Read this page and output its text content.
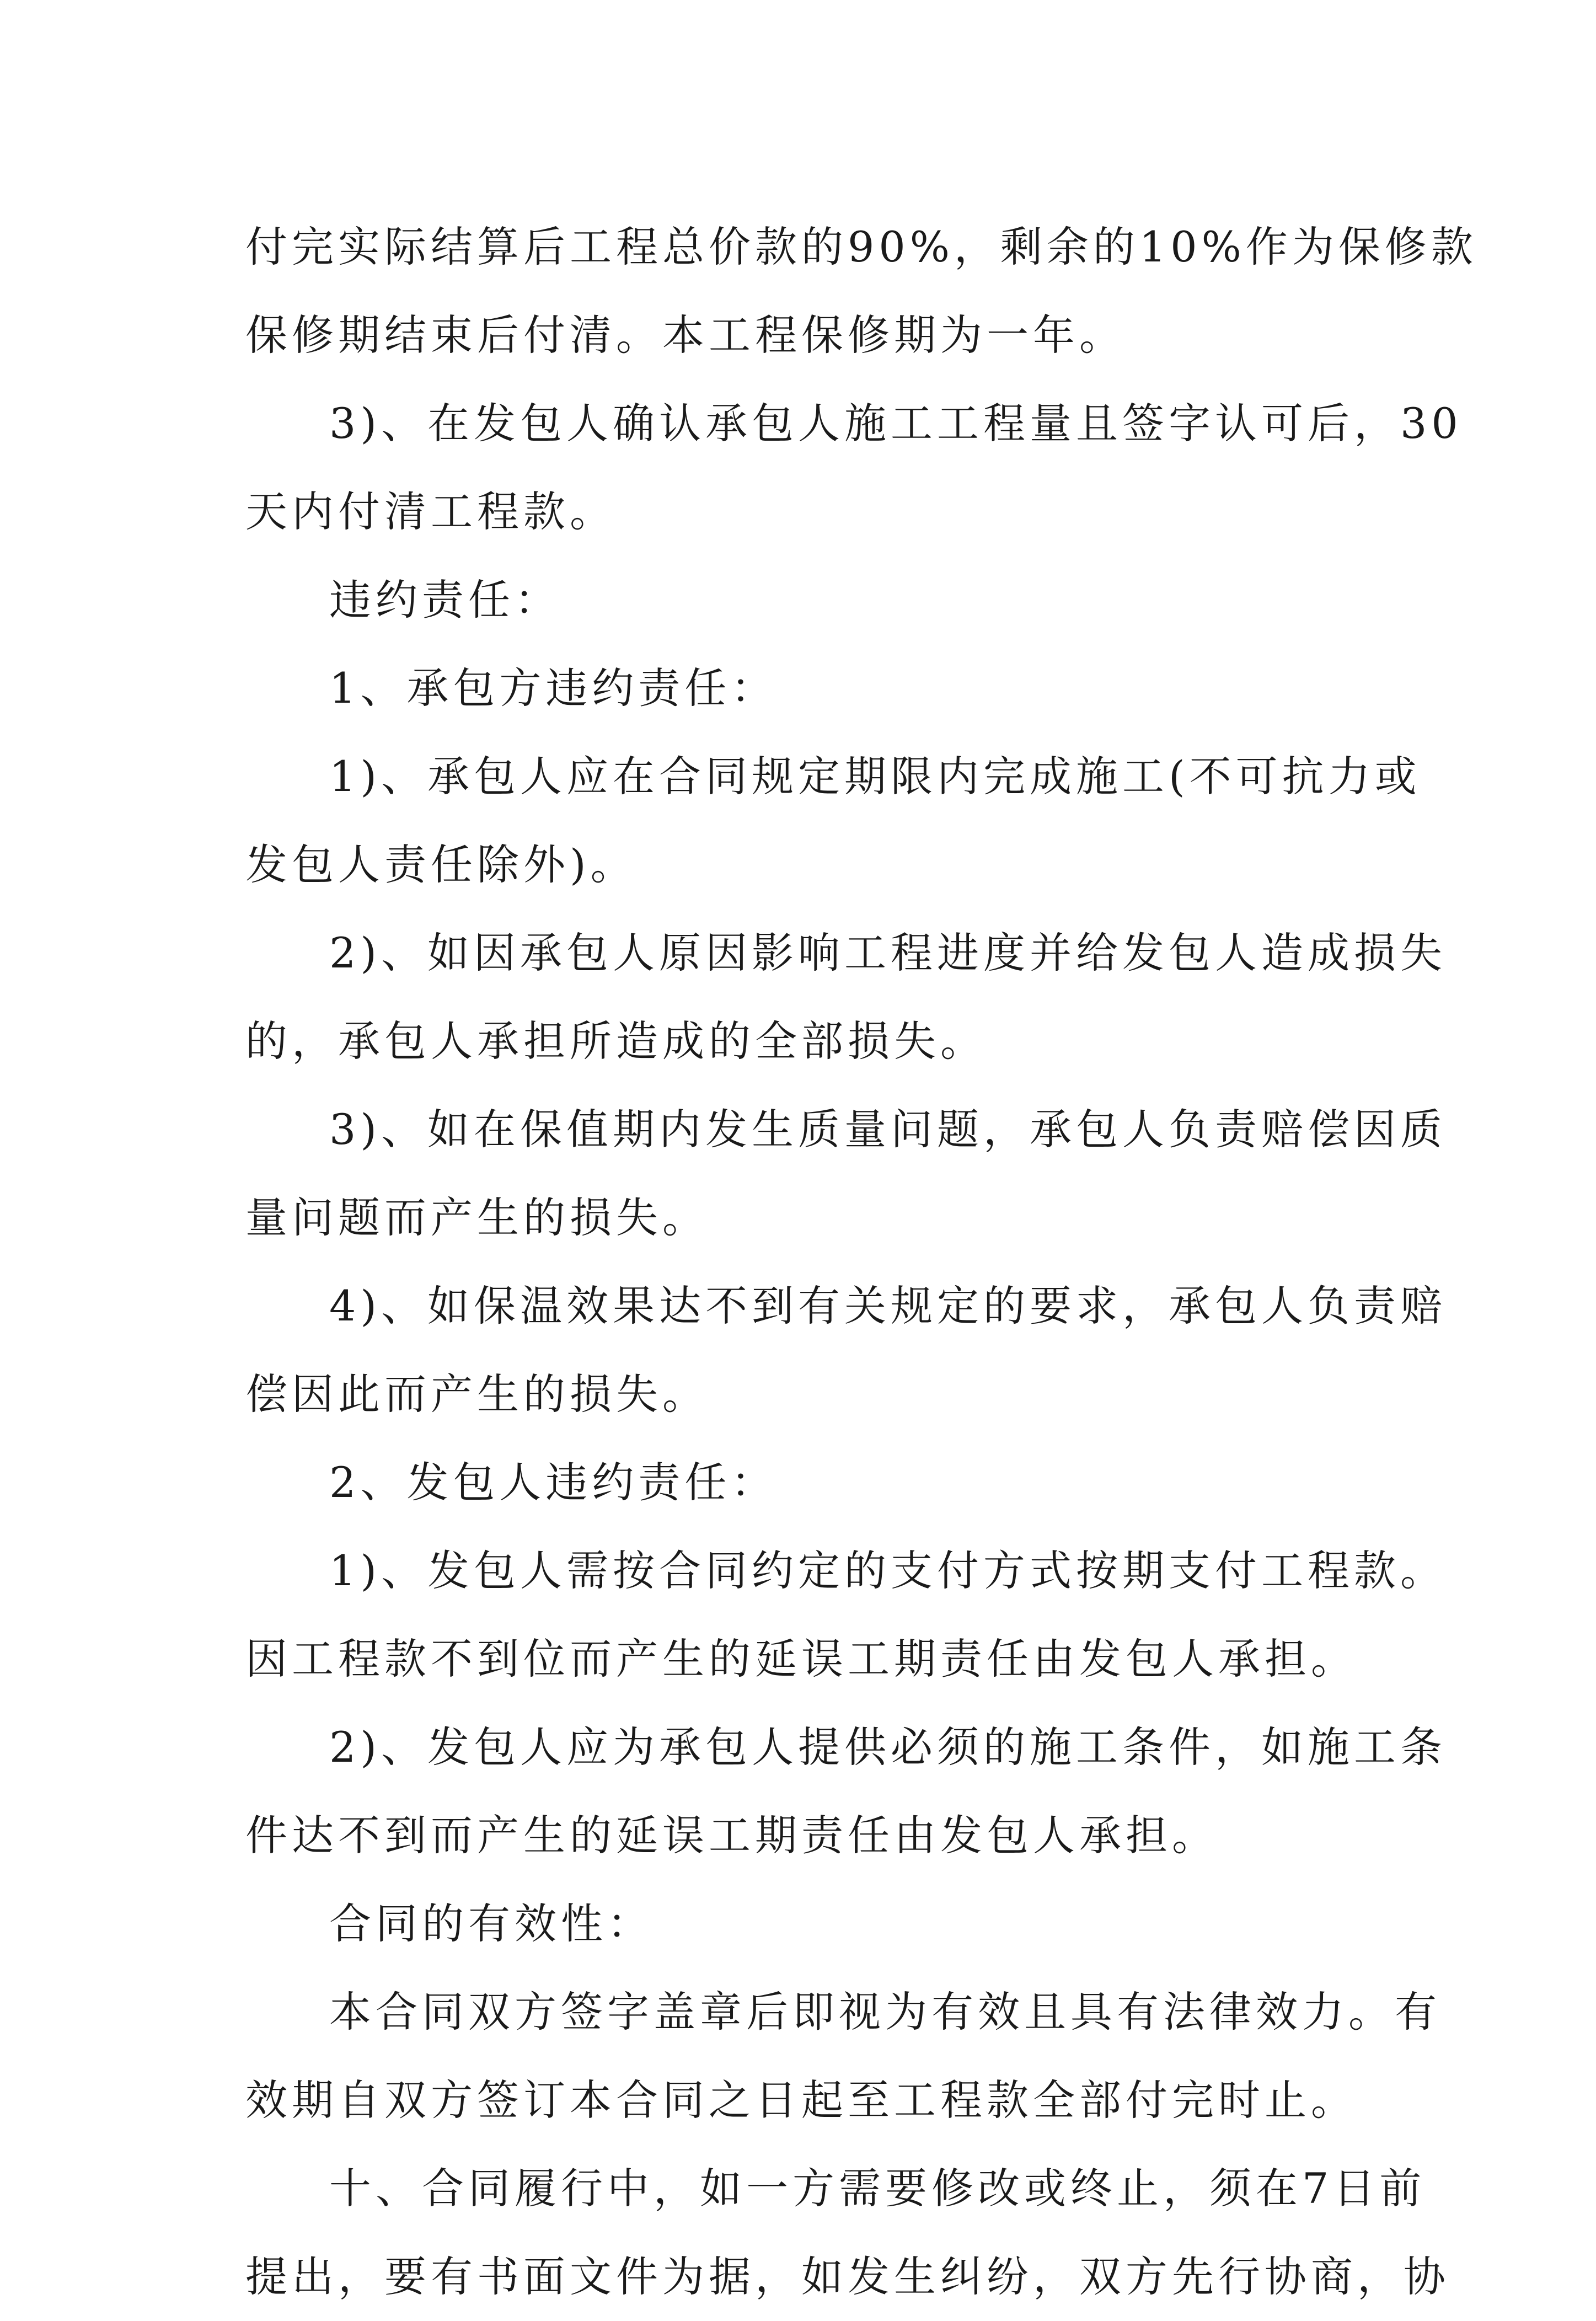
付完实际结算后工程总价款的90%，剩余的10%作为保修款
保修期结束后付清。本工程保修期为一年。
3)、在发包人确认承包人施工工程量且签字认可后，30
天内付清工程款。
违约责任：
1、承包方违约责任：
1)、承包人应在合同规定期限内完成施工(不可抗力或
发包人责任除外)。
2)、如因承包人原因影响工程进度并给发包人造成损失
的，承包人承担所造成的全部损失。
3)、如在保值期内发生质量问题，承包人负责赔偿因质
量问题而产生的损失。
4)、如保温效果达不到有关规定的要求，承包人负责赔
偿因此而产生的损失。
2、发包人违约责任：
1)、发包人需按合同约定的支付方式按期支付工程款。
因工程款不到位而产生的延误工期责任由发包人承担。
2)、发包人应为承包人提供必须的施工条件，如施工条
件达不到而产生的延误工期责任由发包人承担。
合同的有效性：
本合同双方签字盖章后即视为有效且具有法律效力。有
效期自双方签订本合同之日起至工程款全部付完时止。
十、合同履行中，如一方需要修改或终止，须在7日前
提出，要有书面文件为据，如发生纠纷，双方先行协商，协
